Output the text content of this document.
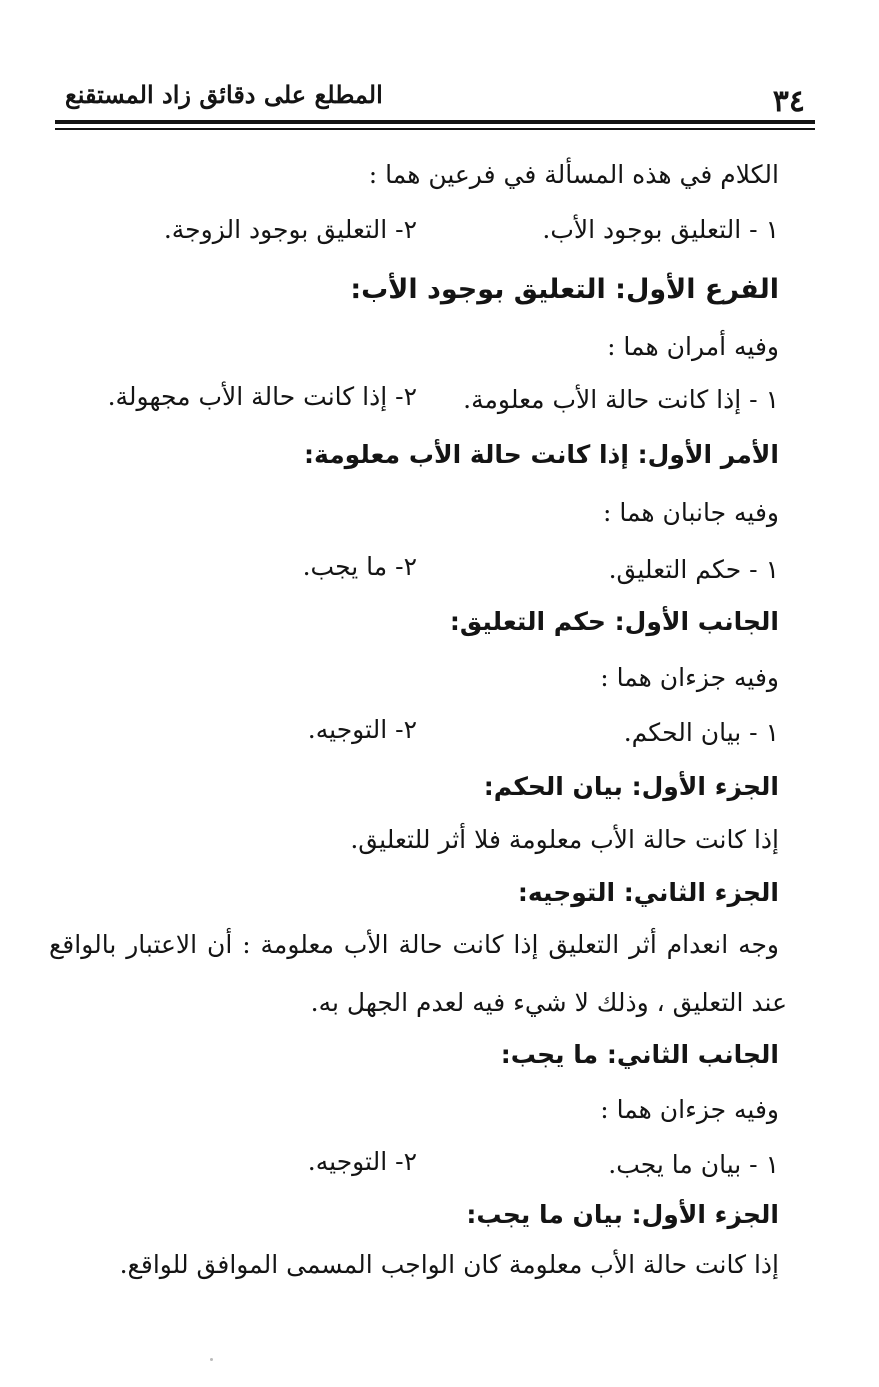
٣٤
المطلع على دقائق زاد المستقنع
الكلام في هذه المسألة في فرعين هما :
١ - التعليق بوجود الأب.
٢- التعليق بوجود الزوجة.
الفرع الأول: التعليق بوجود الأب:
وفيه أمران هما :
١ - إذا كانت حالة الأب معلومة.
٢- إذا كانت حالة الأب مجهولة.
الأمر الأول: إذا كانت حالة الأب معلومة:
وفيه جانبان هما :
١ - حكم التعليق.
٢- ما يجب.
الجانب الأول: حكم التعليق:
وفيه جزءان هما :
١ - بيان الحكم.
٢- التوجيه.
الجزء الأول: بيان الحكم:
إذا كانت حالة الأب معلومة فلا أثر للتعليق.
الجزء الثاني: التوجيه:
وجه انعدام أثر التعليق إذا كانت حالة الأب معلومة : أن الاعتبار بالواقع
عند التعليق ، وذلك لا شيء فيه لعدم الجهل به.
الجانب الثاني: ما يجب:
وفيه جزءان هما :
١ - بيان ما يجب.
٢- التوجيه.
الجزء الأول: بيان ما يجب:
إذا كانت حالة الأب معلومة كان الواجب المسمى الموافق للواقع.
